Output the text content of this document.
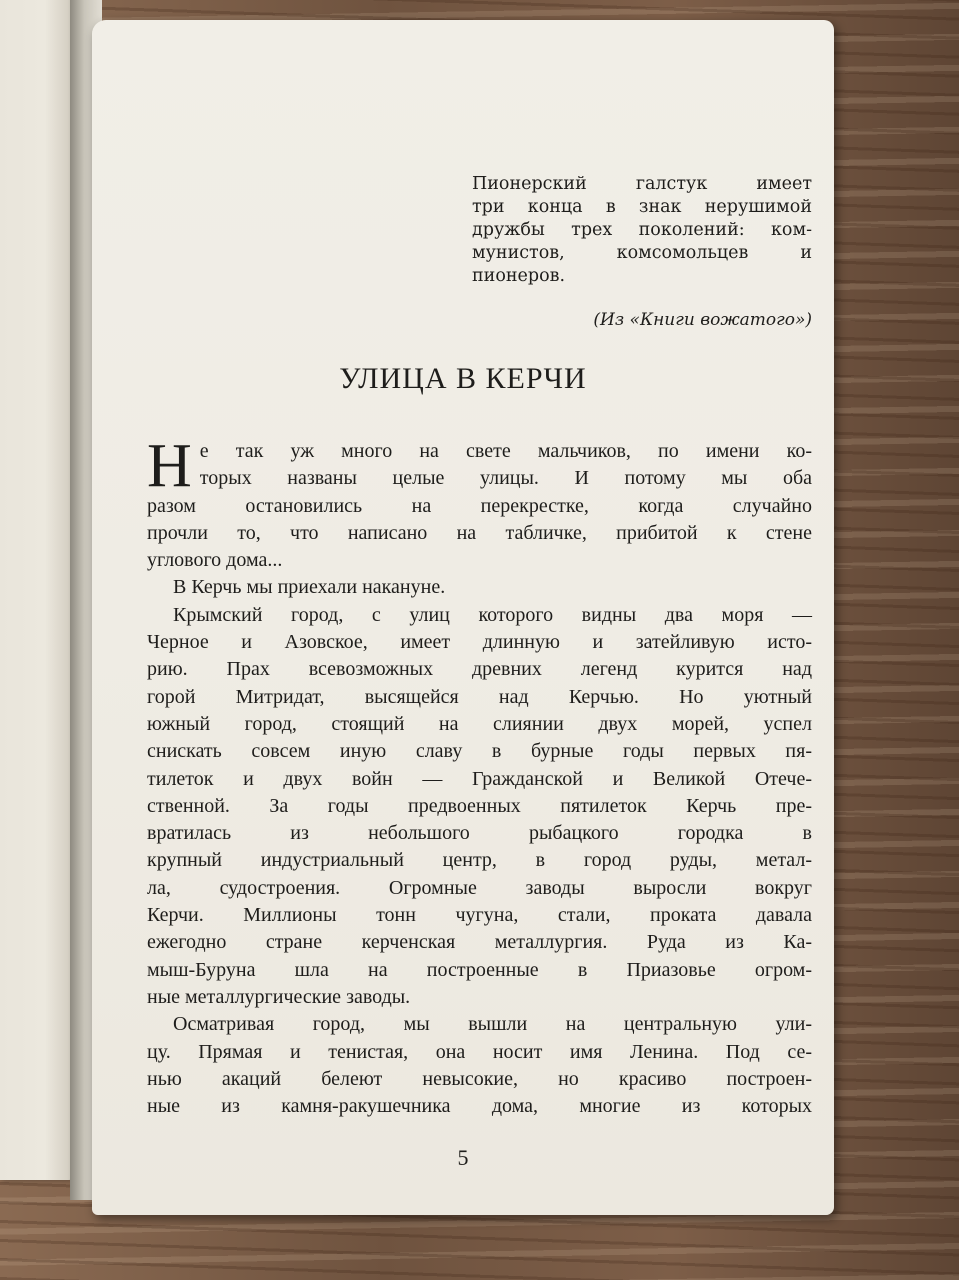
Пионерский галстук имеет
три конца в знак нерушимой
дружбы трех поколений: ком-
мунистов, комсомольцев и
пионеров.

(Из «Книги вожатого»)
УЛИЦА В КЕРЧИ

Н е так уж много на свете мальчиков, по имени ко-
торых названы целые улицы. И потому мы оба
разом остановились на перекрестке, когда случайно
прочли то, что написано на табличке, прибитой к стене
углового дома...

В Керчь мы приехали накануне.

Крымский город, с улиц которого видны два моря —
Черное и Азовское, имеет длинную и затейливую исто-
рию. Прах всевозможных древних легенд курится над
горой Митридат, высящейся над Керчью. Но уютный
южный город, стоящий на слиянии двух морей, успел
снискать совсем иную славу в бурные годы первых пя-
тилеток и двух войн — Гражданской и Великой Отече-
ственной. За годы предвоенных пятилеток Керчь пре-
вратилась из небольшого рыбацкого городка в
крупный индустриальный центр, в город руды, метал-
ла, судостроения. Огромные заводы выросли вокруг
Керчи. Миллионы тонн чугуна, стали, проката давала
ежегодно стране керченская металлургия. Руда из Ка-
мыш-Буруна шла на построенные в Приазовье огром-
ные металлургические заводы.

Осматривая город, мы вышли на центральную ули-
цу. Прямая и тенистая, она носит имя Ленина. Под се-
нью акаций белеют невысокие, но красиво построен-
ные из камня-ракушечника дома, многие из которых

5
